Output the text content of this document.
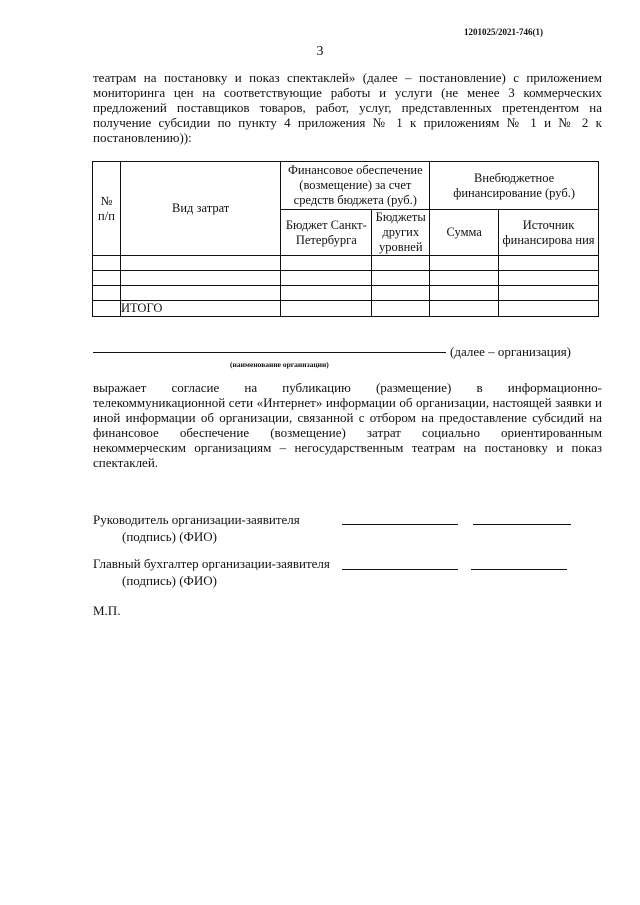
1201025/2021-746(1)
3
театрам на постановку и показ спектаклей» (далее – постановление) с приложением мониторинга цен на соответствующие работы и услуги (не менее 3 коммерческих предложений поставщиков товаров, работ, услуг, представленных претендентом на получение субсидии по пункту 4 приложения № 1 к приложениям № 1 и № 2 к постановлению)):
№ п/п	Вид затрат	Финансовое обеспечение (возмещение) за счет средств бюджета (руб.)		Внебюджетное финансирование (руб.)	
		Бюджет Санкт-Петербурга	Бюджеты других уровней	Сумма	Источник финансирова ния

	ИТОГО				
(далее – организация)
(наименование организации)
выражает согласие на публикацию (размещение) в информационно-телекоммуникационной сети «Интернет» информации об организации, настоящей заявки и иной информации об организации, связанной с отбором на предоставление субсидий на финансовое обеспечение (возмещение) затрат социально ориентированным некоммерческим организациям – негосударственным театрам на постановку и показ спектаклей.
Руководитель организации-заявителя
(подпись) (ФИО)
Главный бухгалтер организации-заявителя
(подпись) (ФИО)
М.П.
